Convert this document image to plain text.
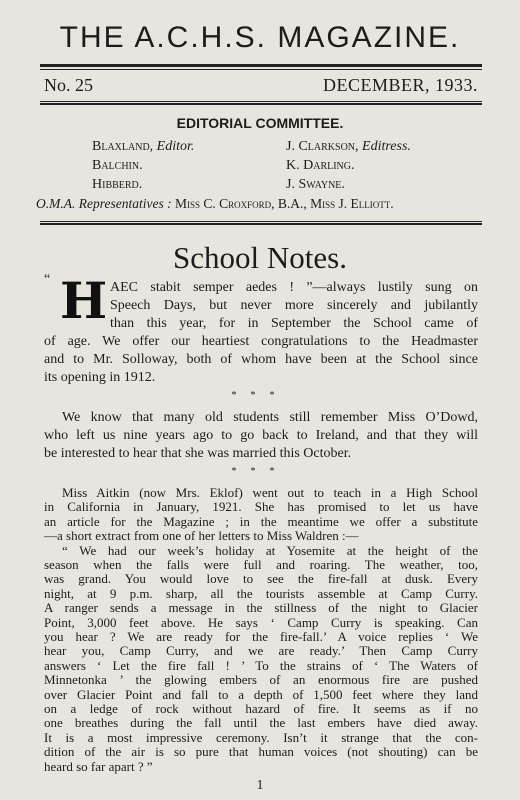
THE A.C.H.S. MAGAZINE.
No. 25	DECEMBER, 1933.
EDITORIAL COMMITTEE.
Blaxland, Editor.	J. Clarkson, Editress.
Balchin.	K. Darling.
Hibberd.	J. Swayne.
O.M.A. Representatives : Miss C. Croxford, B.A., Miss J. Elliott.
School Notes.
“ H AEC stabit semper aedes ! ”—always lustily sung on
Speech Days, but never more sincerely and jubilantly
than this year, for in September the School came of
of age. We offer our heartiest congratulations to the Headmaster
and to Mr. Solloway, both of whom have been at the School since
its opening in 1912.
***
We know that many old students still remember Miss O’Dowd,
who left us nine years ago to go back to Ireland, and that they will
be interested to hear that she was married this October.
***
Miss Aitkin (now Mrs. Eklof) went out to teach in a High School
in California in January, 1921. She has promised to let us have
an article for the Magazine ; in the meantime we offer a substitute
—a short extract from one of her letters to Miss Waldren :—
“ We had our week’s holiday at Yosemite at the height of the
season when the falls were full and roaring. The weather, too,
was grand. You would love to see the fire-fall at dusk. Every
night, at 9 p.m. sharp, all the tourists assemble at Camp Curry.
A ranger sends a message in the stillness of the night to Glacier
Point, 3,000 feet above. He says ‘ Camp Curry is speaking. Can
you hear ? We are ready for the fire-fall.’ A voice replies ‘ We
hear you, Camp Curry, and we are ready.’ Then Camp Curry
answers ‘ Let the fire fall ! ’ To the strains of ‘ The Waters of
Minnetonka ’ the glowing embers of an enormous fire are pushed
over Glacier Point and fall to a depth of 1,500 feet where they land
on a ledge of rock without hazard of fire. It seems as if no
one breathes during the fall until the last embers have died away.
It is a most impressive ceremony. Isn’t it strange that the con-
dition of the air is so pure that human voices (not shouting) can be
heard so far apart ? ”
1
